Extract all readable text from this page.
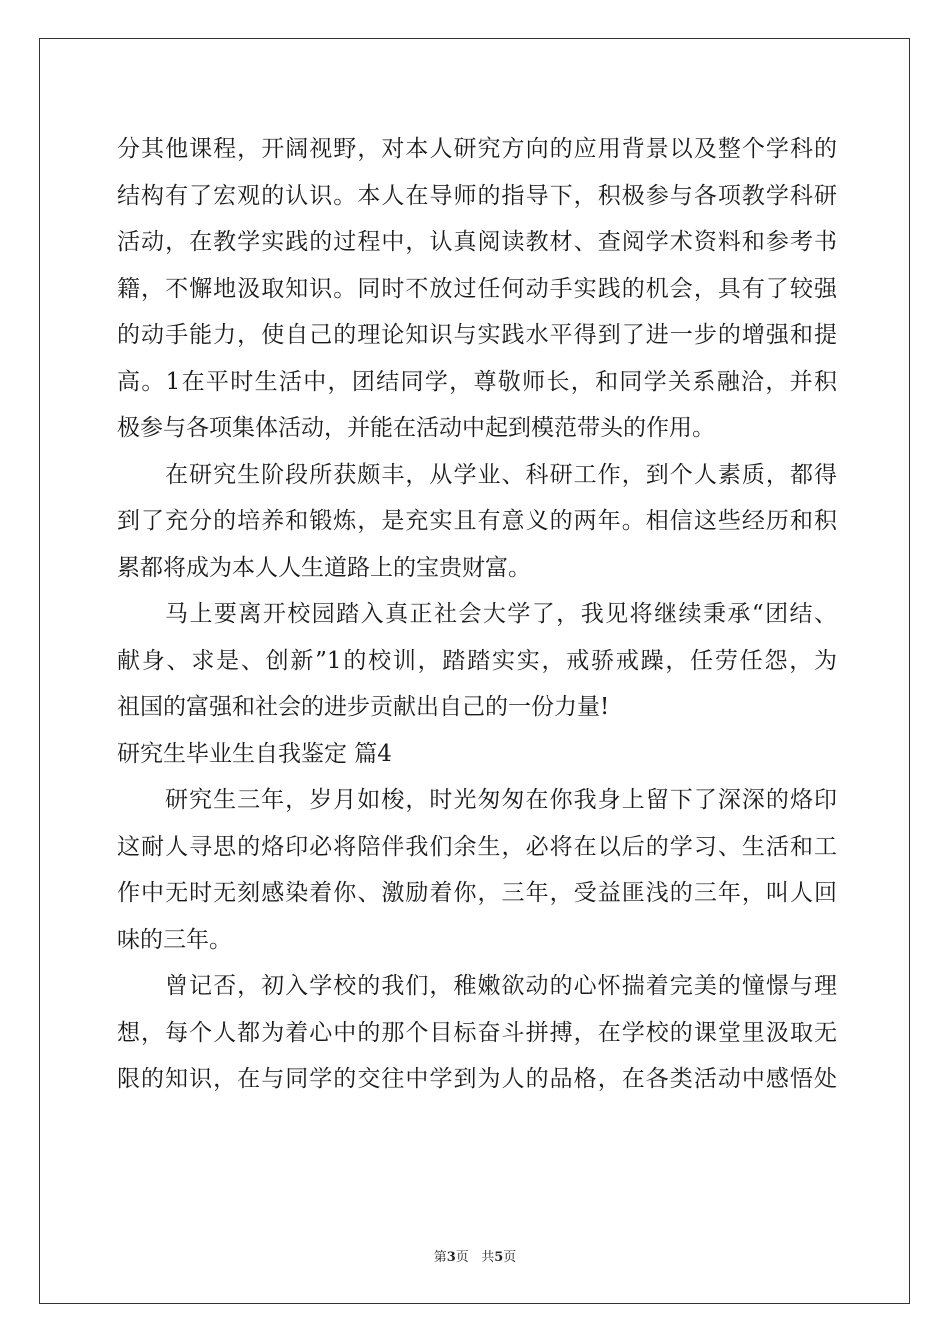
分其他课程，开阔视野，对本人研究方向的应用背景以及整个学科的
结构有了宏观的认识。本人在导师的指导下，积极参与各项教学科研
活动，在教学实践的过程中，认真阅读教材、查阅学术资料和参考书
籍，不懈地汲取知识。同时不放过任何动手实践的机会，具有了较强
的动手能力，使自己的理论知识与实践水平得到了进一步的增强和提
高。1在平时生活中，团结同学，尊敬师长，和同学关系融洽，并积
极参与各项集体活动，并能在活动中起到模范带头的作用。
在研究生阶段所获颇丰，从学业、科研工作，到个人素质，都得
到了充分的培养和锻炼，是充实且有意义的两年。相信这些经历和积
累都将成为本人人生道路上的宝贵财富。
马上要离开校园踏入真正社会大学了，我见将继续秉承“团结、
献身、求是、创新”1的校训，踏踏实实，戒骄戒躁，任劳任怨，为
祖国的富强和社会的进步贡献出自己的一份力量!
研究生毕业生自我鉴定 篇4
研究生三年，岁月如梭，时光匆匆在你我身上留下了深深的烙印
这耐人寻思的烙印必将陪伴我们余生，必将在以后的学习、生活和工
作中无时无刻感染着你、激励着你，三年，受益匪浅的三年，叫人回
味的三年。
曾记否，初入学校的我们，稚嫩欲动的心怀揣着完美的憧憬与理
想，每个人都为着心中的那个目标奋斗拼搏，在学校的课堂里汲取无
限的知识，在与同学的交往中学到为人的品格，在各类活动中感悟处
第3页   共5页
